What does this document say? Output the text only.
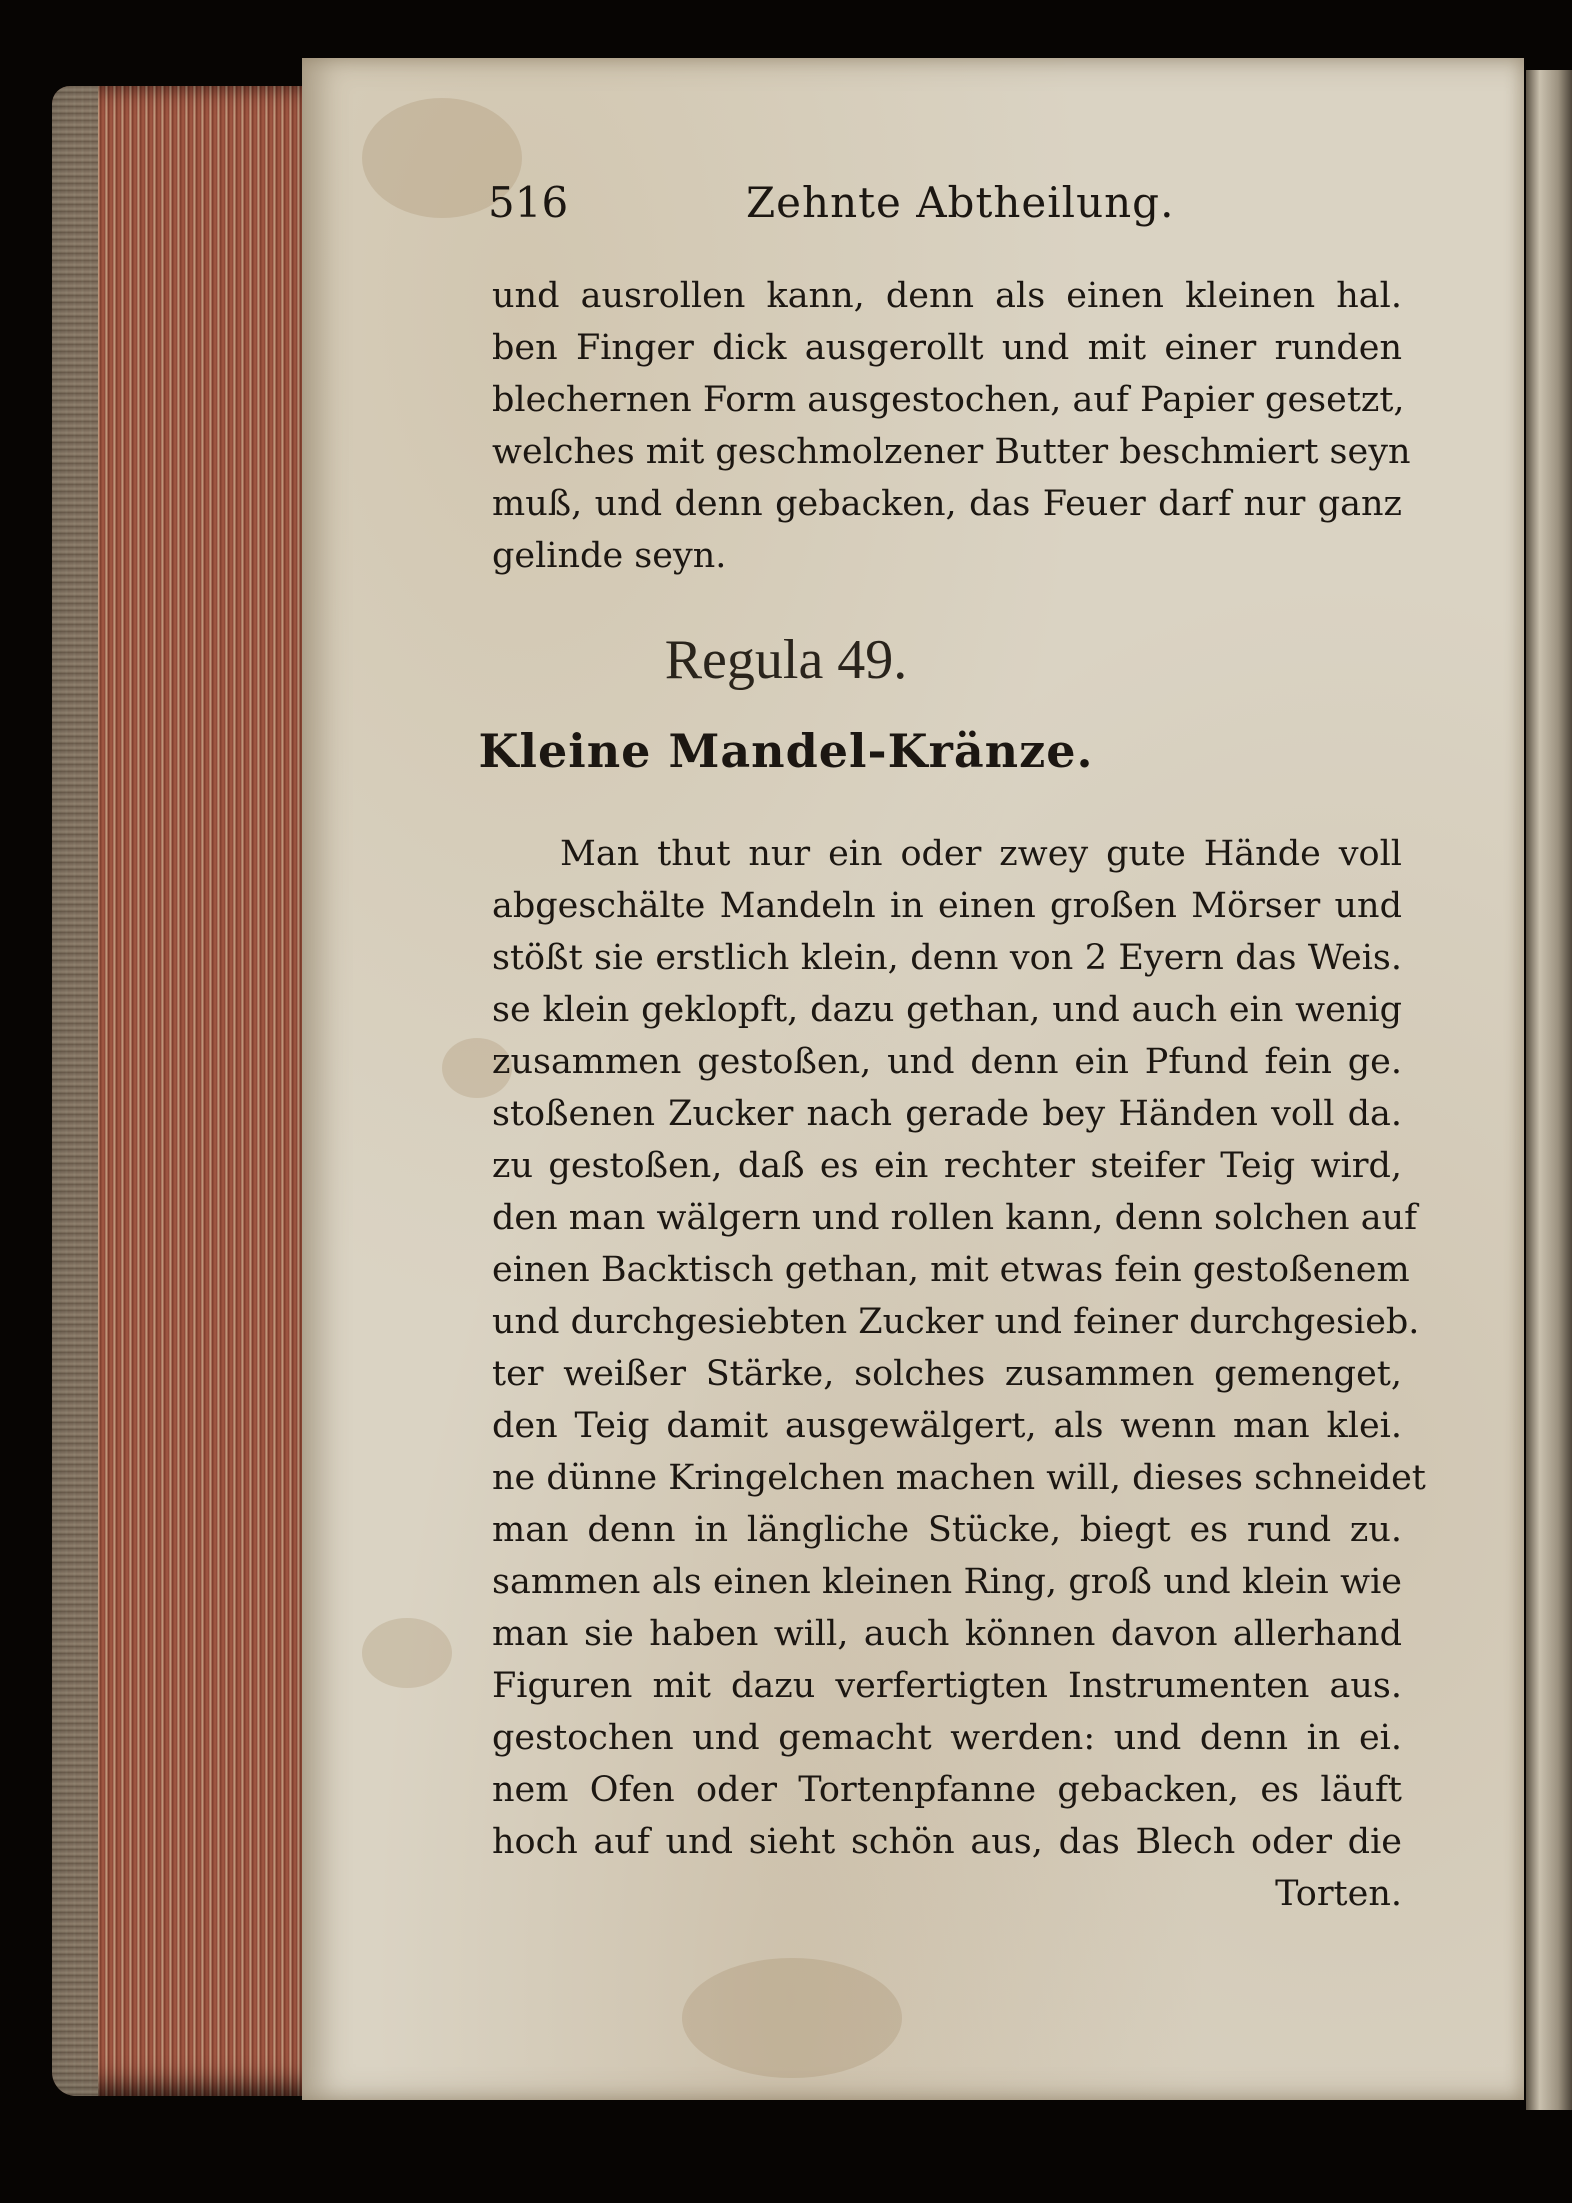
516	Zehnte Abtheilung.
und ausrollen kann, denn als einen kleinen hal.
ben Finger dick ausgerollt und mit einer runden
blechernen Form ausgestochen, auf Papier gesetzt,
welches mit geschmolzener Butter beschmiert seyn
muß, und denn gebacken, das Feuer darf nur ganz
gelinde seyn.
Regula 49.
Kleine Mandel-Kränze.
Man thut nur ein oder zwey gute Hände voll
abgeschälte Mandeln in einen großen Mörser und
stößt sie erstlich klein, denn von 2 Eyern das Weis.
se klein geklopft, dazu gethan, und auch ein wenig
zusammen gestoßen, und denn ein Pfund fein ge.
stoßenen Zucker nach gerade bey Händen voll da.
zu gestoßen, daß es ein rechter steifer Teig wird,
den man wälgern und rollen kann, denn solchen auf
einen Backtisch gethan, mit etwas fein gestoßenem
und durchgesiebten Zucker und feiner durchgesieb.
ter weißer Stärke, solches zusammen gemenget,
den Teig damit ausgewälgert, als wenn man klei.
ne dünne Kringelchen machen will, dieses schneidet
man denn in längliche Stücke, biegt es rund zu.
sammen als einen kleinen Ring, groß und klein wie
man sie haben will, auch können davon allerhand
Figuren mit dazu verfertigten Instrumenten aus.
gestochen und gemacht werden: und denn in ei.
nem Ofen oder Tortenpfanne gebacken, es läuft
hoch auf und sieht schön aus, das Blech oder die
Torten.
